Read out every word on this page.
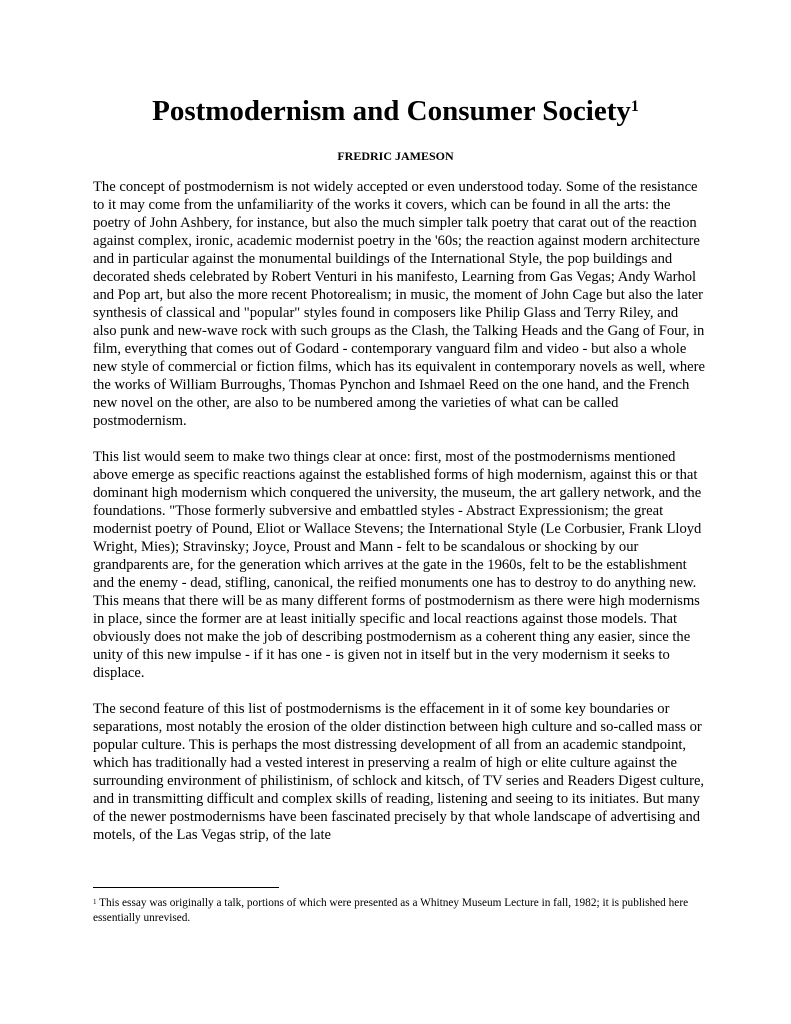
Postmodernism and Consumer Society$^1$

FREDRIC JAMESON

The concept of postmodernism is not widely accepted or even understood today. Some of the resistance to it may come from the unfamiliarity of the works it covers, which can be found in all the arts: the poetry of John Ashbery, for instance, but also the much simpler talk poetry that carat out of the reaction against complex, ironic, academic modernist poetry in the '60s; the reaction against modern architecture and in particular against the monumental buildings of the International Style, the pop buildings and decorated sheds celebrated by Robert Venturi in his manifesto, Learning from Gas Vegas; Andy Warhol and Pop art, but also the more recent Photorealism; in music, the moment of John Cage but also the later synthesis of classical and "popular" styles found in composers like Philip Glass and Terry Riley, and also punk and new-wave rock with such groups as the Clash, the Talking Heads and the Gang of Four, in film, everything that comes out of Godard - contemporary vanguard film and video - but also a whole new style of commercial or fiction films, which has its equivalent in contemporary novels as well, where the works of William Burroughs, Thomas Pynchon and Ishmael Reed on the one hand, and the French new novel on the other, are also to be numbered among the varieties of what can be called postmodernism.

This list would seem to make two things clear at once: first, most of the postmodernisms mentioned above emerge as specific reactions against the established forms of high modernism, against this or that dominant high modernism which conquered the university, the museum, the art gallery network, and the foundations. "Those formerly subversive and embattled styles - Abstract Expressionism; the great modernist poetry of Pound, Eliot or Wallace Stevens; the International Style (Le Corbusier, Frank Lloyd Wright, Mies); Stravinsky; Joyce, Proust and Mann - felt to be scandalous or shocking by our grandparents are, for the generation which arrives at the gate in the 1960s, felt to be the establishment and the enemy - dead, stifling, canonical, the reified monuments one has to destroy to do anything new. This means that there will be as many different forms of postmodernism as there were high modernisms in place, since the former are at least initially specific and local reactions against those models. That obviously does not make the job of describing postmodernism as a coherent thing any easier, since the unity of this new impulse - if it has one - is given not in itself but in the very modernism it seeks to displace.

The second feature of this list of postmodernisms is the effacement in it of some key boundaries or separations, most notably the erosion of the older distinction between high culture and so-called mass or popular culture. This is perhaps the most distressing development of all from an academic standpoint, which has traditionally had a vested interest in preserving a realm of high or elite culture against the surrounding environment of philistinism, of schlock and kitsch, of TV series and Readers Digest culture, and in transmitting difficult and complex skills of reading, listening and seeing to its initiates. But many of the newer postmodernisms have been fascinated precisely by that whole landscape of advertising and motels, of the Las Vegas strip, of the late

$^1$ This essay was originally a talk, portions of which were presented as a Whitney Museum Lecture in fall, 1982; it is published here essentially unrevised.
